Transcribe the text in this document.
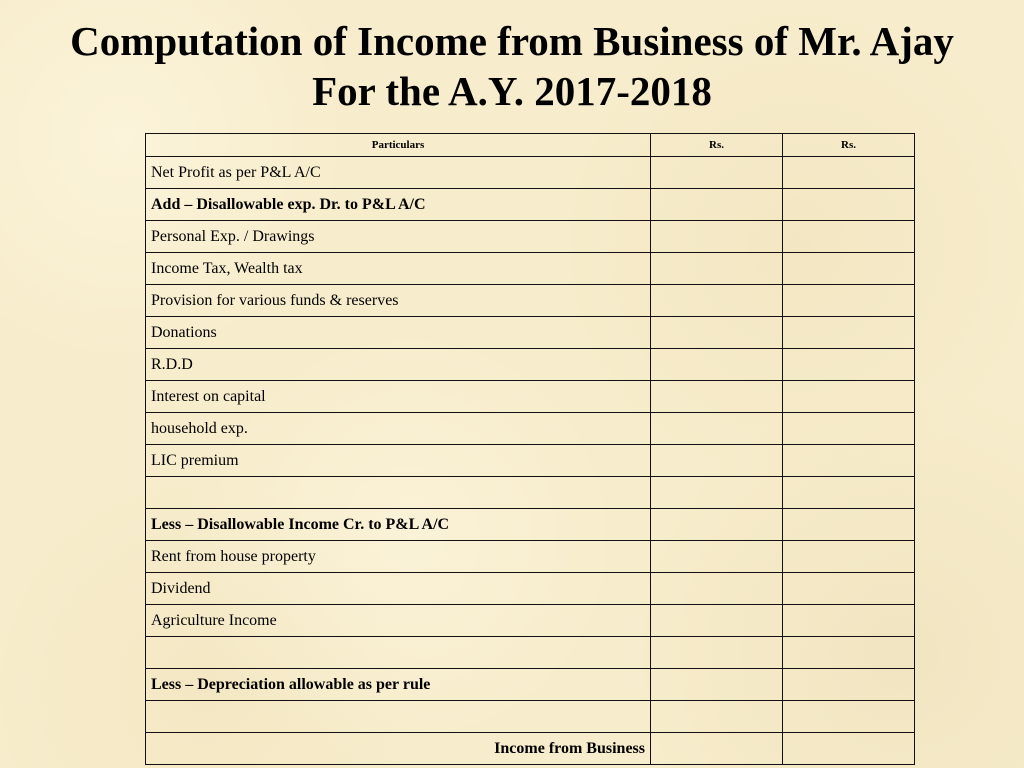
Computation of Income from Business of Mr. Ajay
For the A.Y. 2017-2018
Particulars	Rs.	Rs.
Net Profit as per P&L A/C		
Add – Disallowable exp. Dr. to P&L A/C		
Personal Exp. / Drawings		
Income Tax, Wealth tax		
Provision for various funds & reserves		
Donations		
R.D.D		
Interest on capital		
household exp.		
LIC premium		

Less – Disallowable Income Cr. to P&L A/C		
Rent from house property		
Dividend		
Agriculture Income		

Less – Depreciation allowable as per rule		

Income from Business		
